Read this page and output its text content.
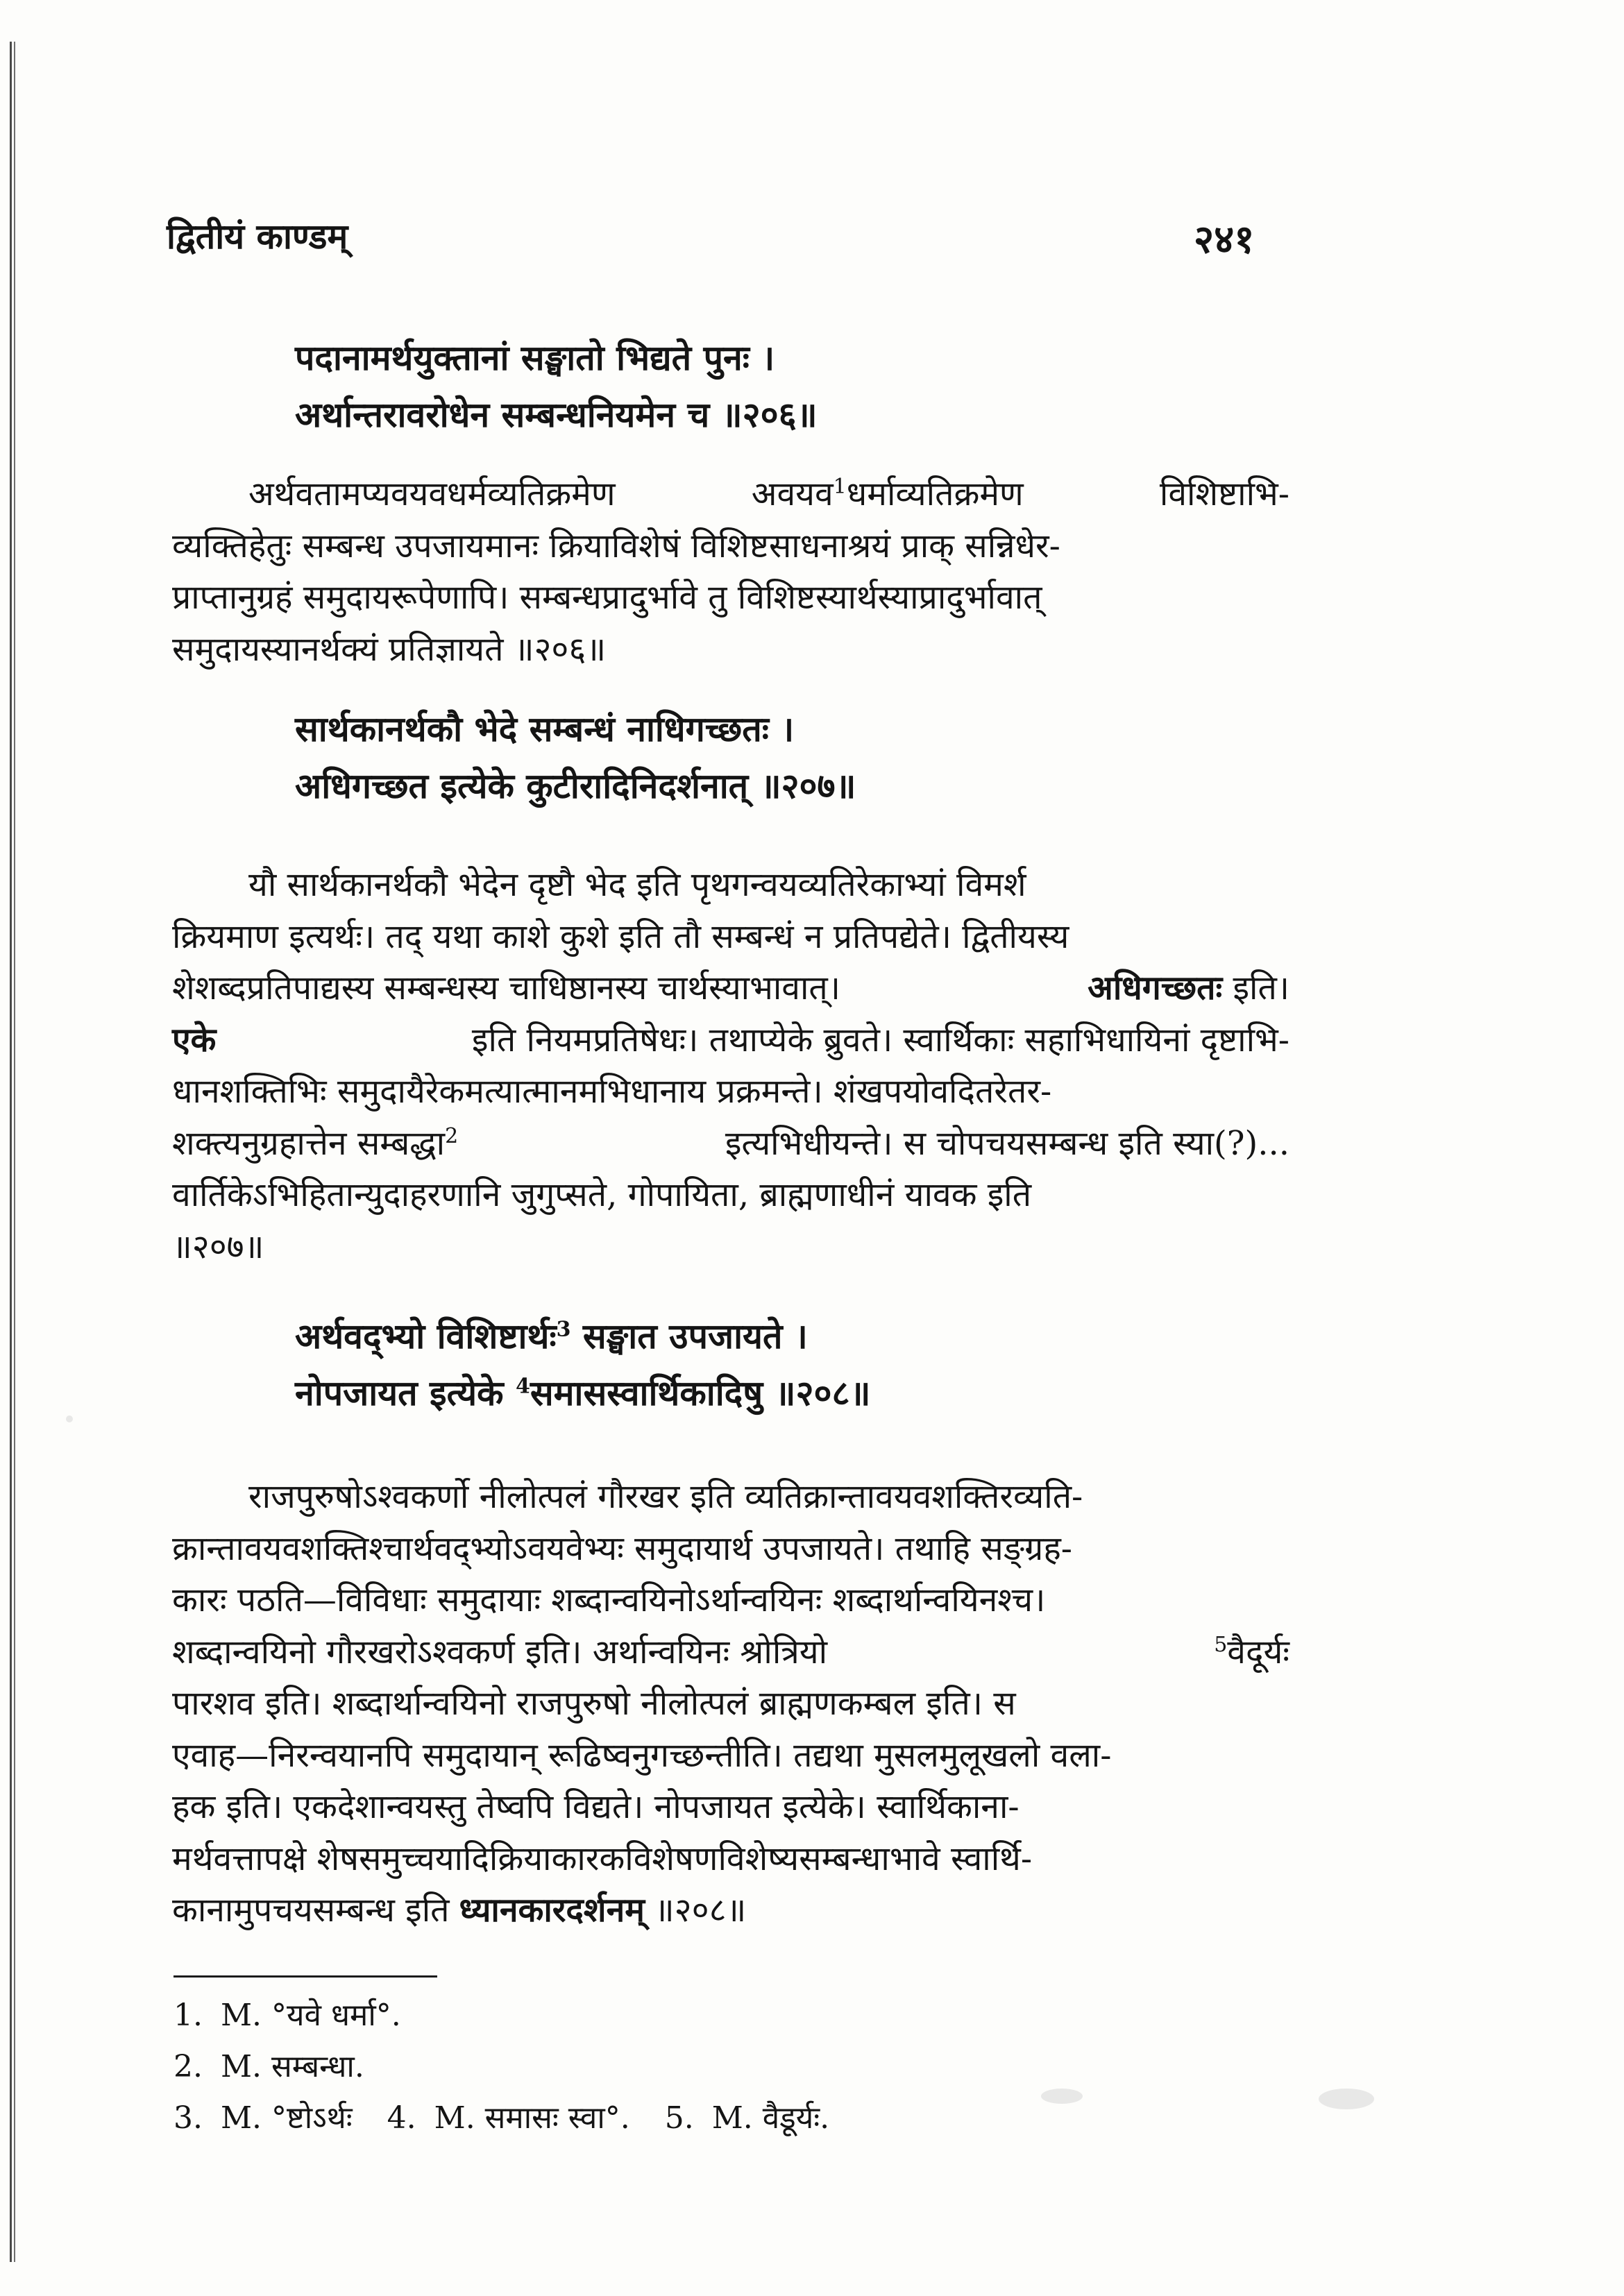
द्वितीयं काण्डम्	२४१
पदानामर्थयुक्तानां सङ्घातो भिद्यते पुनः ।
अर्थान्तरावरोधेन सम्बन्धनियमेन च ॥२०६॥
अर्थवतामप्यवयवधर्मव्यतिक्रमेण	अवयव$^1$धर्माव्यतिक्रमेण	विशिष्टाभि-
व्यक्तिहेतुः सम्बन्ध उपजायमानः क्रियाविशेषं विशिष्टसाधनाश्रयं प्राक् सन्निधेर-
प्राप्तानुग्रहं समुदायरूपेणापि। सम्बन्धप्रादुर्भावे तु विशिष्टस्यार्थस्याप्रादुर्भावात्
समुदायस्यानर्थक्यं प्रतिज्ञायते ॥२०६॥
सार्थकानर्थकौ भेदे सम्बन्धं नाधिगच्छतः ।
अधिगच्छत इत्येके कुटीरादिनिदर्शनात् ॥२०७॥
यौ सार्थकानर्थकौ भेदेन दृष्टौ भेद इति पृथगन्वयव्यतिरेकाभ्यां विमर्श
क्रियमाण इत्यर्थः। तद् यथा काशे कुशे इति तौ सम्बन्धं न प्रतिपद्येते। द्वितीयस्य
शेशब्दप्रतिपाद्यस्य सम्बन्धस्य चाधिष्ठानस्य चार्थस्याभावात्।	अधिगच्छतः इति।
एके	इति नियमप्रतिषेधः। तथाप्येके ब्रुवते। स्वार्थिकाः सहाभिधायिनां दृष्टाभि-
धानशक्तिभिः समुदायैरेकमत्यात्मानमभिधानाय प्रक्रमन्ते। शंखपयोवदितरेतर-
शक्त्यनुग्रहात्तेन सम्बद्धा$^2$	इत्यभिधीयन्ते। स चोपचयसम्बन्ध इति स्या(?)...
वार्तिकेऽभिहितान्युदाहरणानि जुगुप्सते, गोपायिता, ब्राह्मणाधीनं यावक इति
॥२०७॥
अर्थवद्भ्यो विशिष्टार्थः$^3$ सङ्घात उपजायते ।
नोपजायत इत्येके $^4$समासस्वार्थिकादिषु ॥२०८॥
राजपुरुषोऽश्वकर्णो नीलोत्पलं गौरखर इति व्यतिक्रान्तावयवशक्तिरव्यति-
क्रान्तावयवशक्तिश्चार्थवद्भ्योऽवयवेभ्यः समुदायार्थ उपजायते। तथाहि सङ्ग्रह-
कारः पठति—विविधाः समुदायाः शब्दान्वयिनोऽर्थान्वयिनः शब्दार्थान्वयिनश्च।
शब्दान्वयिनो गौरखरोऽश्वकर्ण इति। अर्थान्वयिनः श्रोत्रियो	$^5$वैदूर्यः
पारशव इति। शब्दार्थान्वयिनो राजपुरुषो नीलोत्पलं ब्राह्मणकम्बल इति। स
एवाह—निरन्वयानपि समुदायान् रूढिष्वनुगच्छन्तीति। तद्यथा मुसलमुलूखलो वला-
हक इति। एकदेशान्वयस्तु तेष्वपि विद्यते। नोपजायत इत्येके। स्वार्थिकाना-
मर्थवत्तापक्षे शेषसमुच्चयादिक्रियाकारकविशेषणविशेष्यसम्बन्धाभावे स्वार्थि-
कानामुपचयसम्बन्ध इति ध्यानकारदर्शनम् ॥२०८॥
1. M. °यवे धर्मा°.
2. M. सम्बन्धा.
3. M. °ष्टोऽर्थः 4. M. समासः स्वा°. 5. M. वैडूर्यः.
